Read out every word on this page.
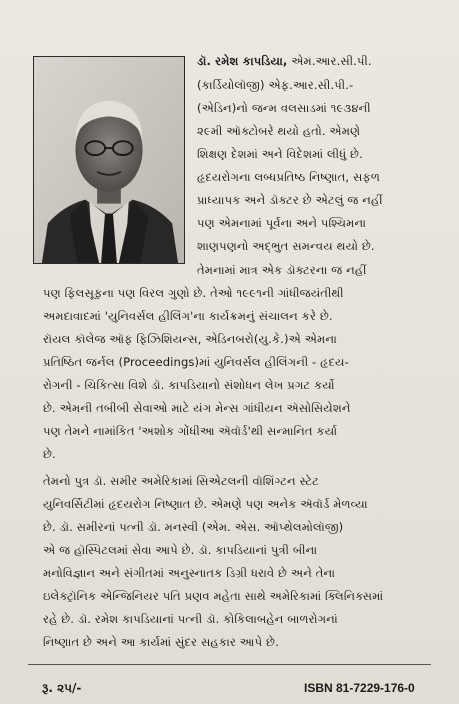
ડૉ. રમેશ કાપડિયા, એમ.આર.સી.પી.
(કાર્ડિયોલૉજી) એફ.આર.સી.પી.-
(એડિન)નો જન્મ વલસાડમાં ૧૯૩૪ની
૨૯મી ઑક્ટોબરે થયો હતો. એમણે
શિક્ષણ દેશમાં અને વિદેશમાં લીધું છે.
હૃદયરોગના લબ્ધપ્રતિષ્ઠ નિષ્ણાત, સફળ
પ્રાધ્યાપક અને ડૉક્ટર છે એટલું જ નહીં
પણ એમનામાં પૂર્વના અને પશ્ચિમના
શાણપણનો અદ્ભુત સમન્વય થયો છે.
તેમનામાં માત્ર એક ડૉક્ટરના જ નહીં
પણ ફિલસૂફના પણ વિરલ ગુણો છે. તેઓ ૧૯૯૧ની ગાંધીજયંતીથી
અમદાવાદમાં 'યુનિવર્સલ હીલિંગ'ના કાર્યક્રમનું સંચાલન કરે છે.
રૉયલ કૉલેજ ઑફ ફિઝિશિયન્સ, એડિનબરો(યુ.કે.)એ એમના
પ્રતિષ્ઠિત જર્નલ (Proceedings)માં યુનિવર્સલ હીલિંગની - હૃદય-
રોગની - ચિકિત્સા વિશે ડૉ. કાપડિયાનો સંશોધન લેખ પ્રગટ કર્યો
છે. એમની તબીબી સેવાઓ માટે યંગ મેન્સ ગાંધીયન ઍસોસિયેશને
પણ તેમને નામાંકિત 'અશોક ગોંધીઆ ઍવૉર્ડ'થી સન્માનિત કર્યા
છે.
તેમનો પુત્ર ડૉ. સમીર અમેરિકામાં સિએટલની વૉશિંગ્ટન સ્ટેટ
યુનિવર્સિટીમાં હૃદયરોગ નિષ્ણાત છે. એમણે પણ અનેક ઍવૉર્ડ મેળવ્યા
છે. ડૉ. સમીરનાં પત્ની ડૉ. મનસ્વી (એમ. એસ. ઑપ્થેલમોલૉજી)
એ જ હૉસ્પિટલમાં સેવા આપે છે. ડૉ. કાપડિયાનાં પુત્રી બીના
મનોવિજ્ઞાન અને સંગીતમાં અનુસ્નાતક ડિગ્રી ધરાવે છે અને તેના
ઇલેક્ટ્રૉનિક એન્જિનિયર પતિ પ્રણવ મહેતા સાથે અમેરિકામાં ક્લિનિક્સમાં
રહે છે. ડૉ. રમેશ કાપડિયાનાં પત્ની ડૉ. કોકિલાબહેન બાળરોગનાં
નિષ્ણાત છે અને આ કાર્યમાં સુંદર સહકાર આપે છે.
રૂ. ૨૫/-	ISBN 81-7229-176-0
